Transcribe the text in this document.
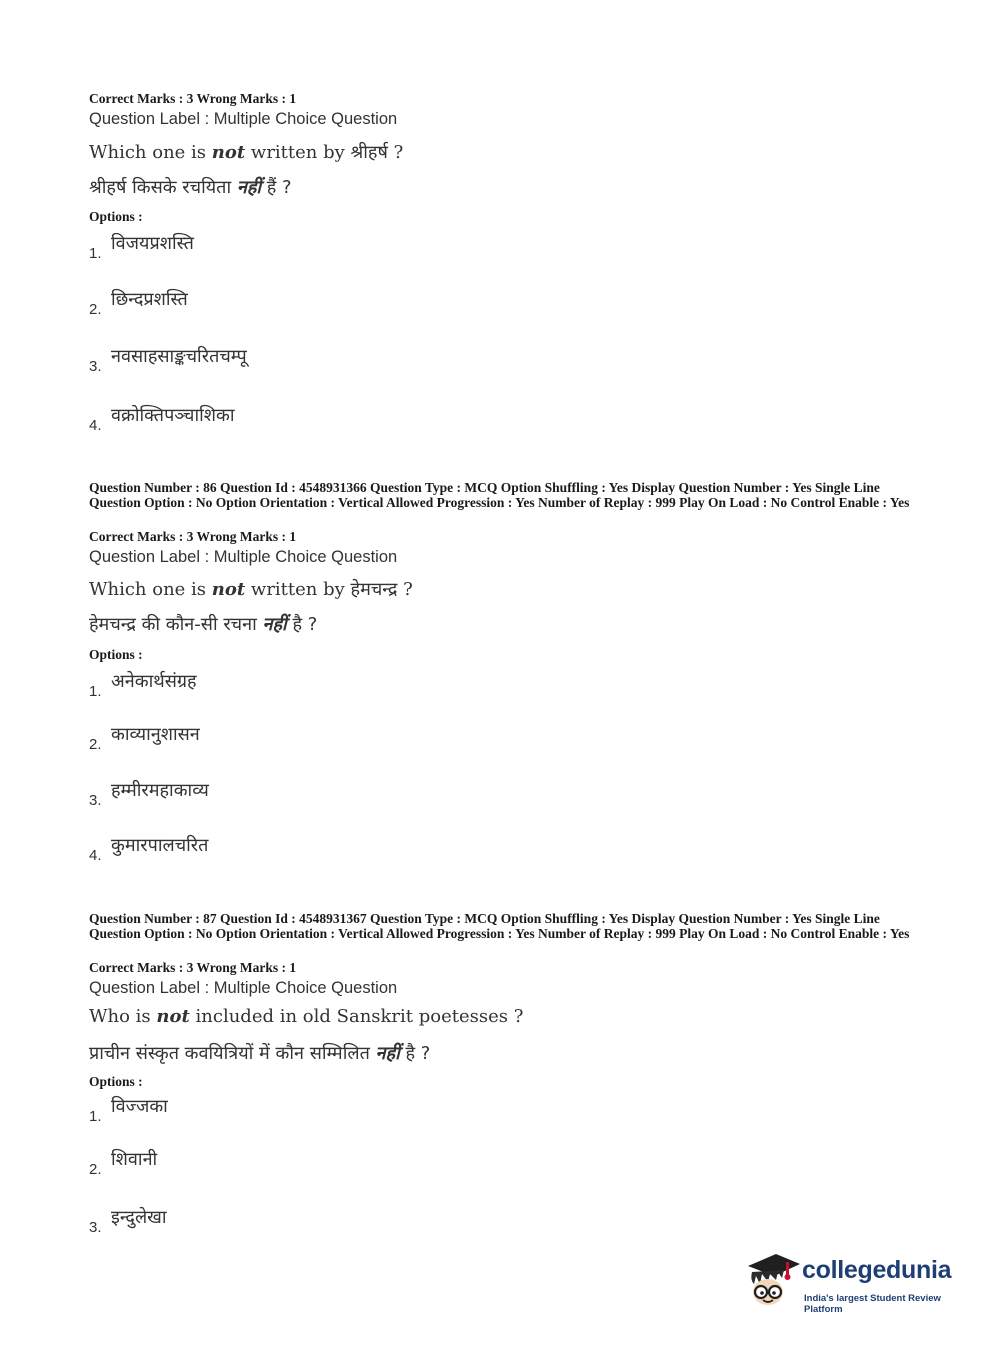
Correct Marks : 3 Wrong Marks : 1
Question Label : Multiple Choice Question
Which one is not written by श्रीहर्ष ?
श्रीहर्ष किसके रचयिता नहीं हैं ?
Options :
1. विजयप्रशस्ति
2. छिन्दप्रशस्ति
3. नवसाहसाङ्कचरितचम्पू
4. वक्रोक्तिपञ्चाशिका
Question Number : 86 Question Id : 4548931366 Question Type : MCQ Option Shuffling : Yes Display Question Number : Yes Single Line Question Option : No Option Orientation : Vertical Allowed Progression : Yes Number of Replay : 999 Play On Load : No Control Enable : Yes
Correct Marks : 3 Wrong Marks : 1
Question Label : Multiple Choice Question
Which one is not written by हेमचन्द्र ?
हेमचन्द्र की कौन-सी रचना नहीं है ?
Options :
1. अनेकार्थसंग्रह
2. काव्यानुशासन
3. हम्मीरमहाकाव्य
4. कुमारपालचरित
Question Number : 87 Question Id : 4548931367 Question Type : MCQ Option Shuffling : Yes Display Question Number : Yes Single Line Question Option : No Option Orientation : Vertical Allowed Progression : Yes Number of Replay : 999 Play On Load : No Control Enable : Yes
Correct Marks : 3 Wrong Marks : 1
Question Label : Multiple Choice Question
Who is not included in old Sanskrit poetesses ?
प्राचीन संस्कृत कवयित्रियों में कौन सम्मिलित नहीं है ?
Options :
1. विज्जका
2. शिवानी
3. इन्दुलेखा
collegedunia
India's largest Student Review Platform
